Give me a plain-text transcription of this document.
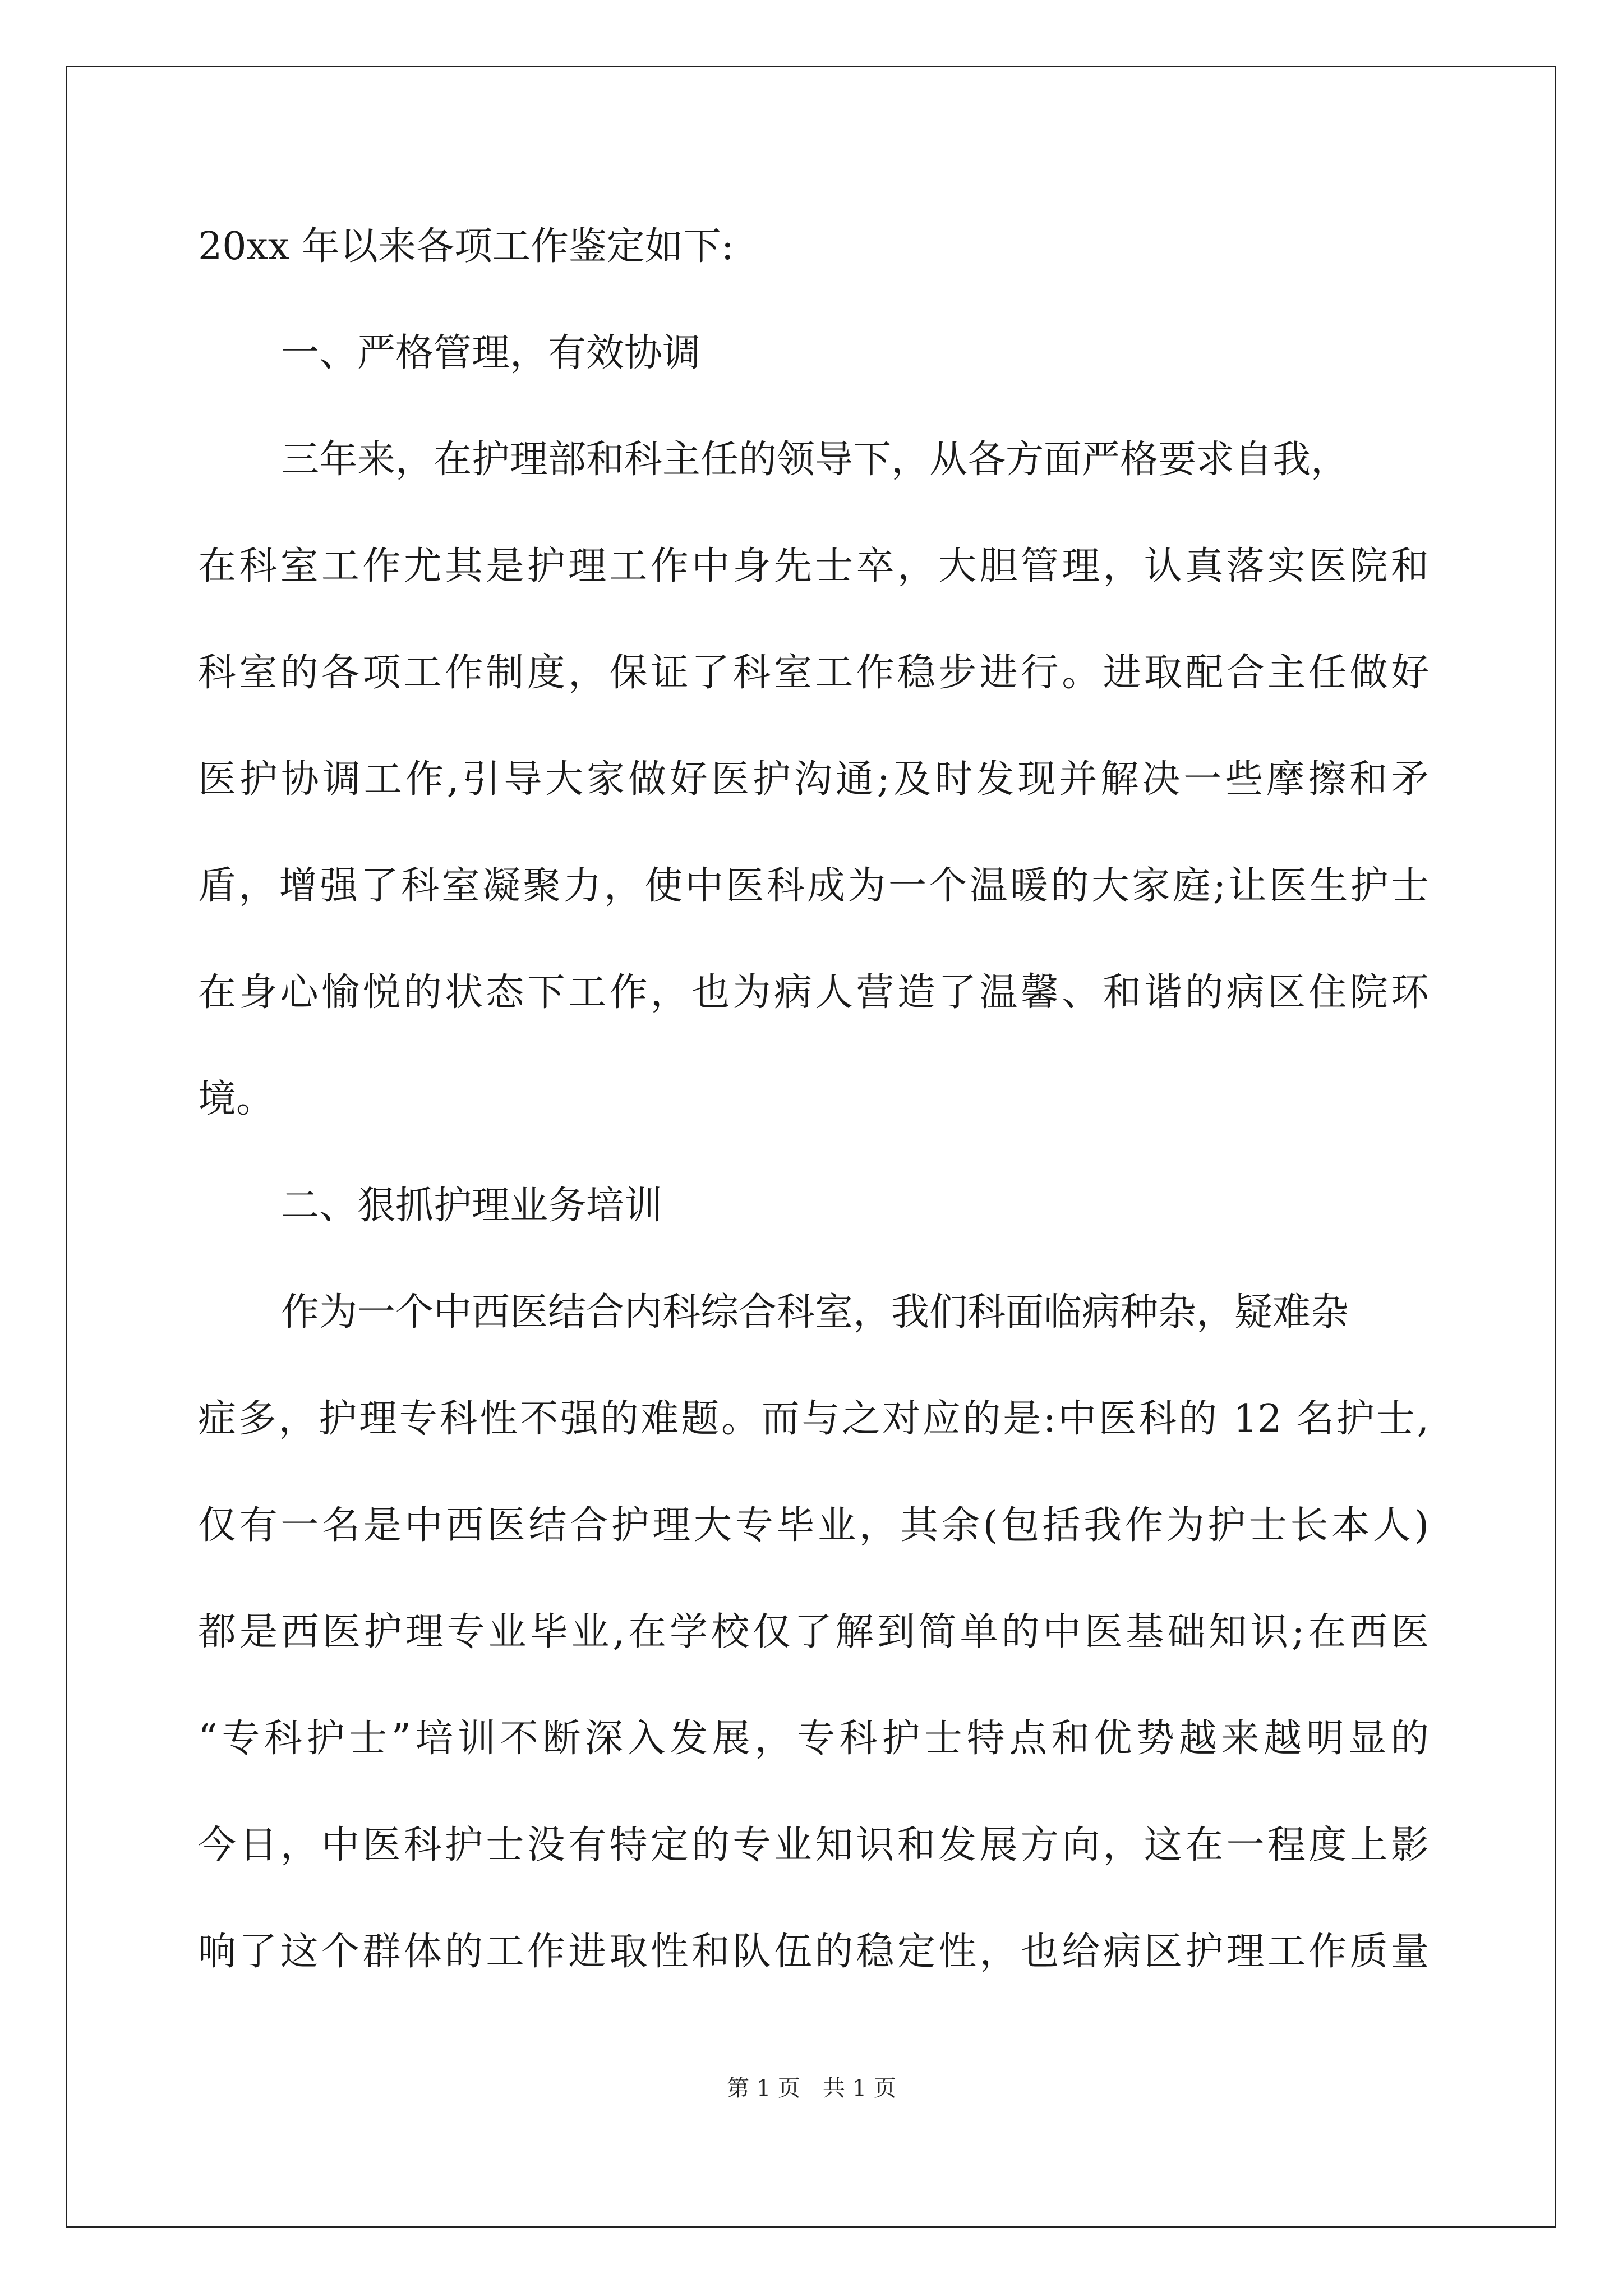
20xx 年以来各项工作鉴定如下:
一、严格管理，有效协调
三年来，在护理部和科主任的领导下，从各方面严格要求自我，
在科室工作尤其是护理工作中身先士卒，大胆管理，认真落实医院和
科室的各项工作制度，保证了科室工作稳步进行。进取配合主任做好
医护协调工作,引导大家做好医护沟通;及时发现并解决一些摩擦和矛
盾，增强了科室凝聚力，使中医科成为一个温暖的大家庭;让医生护士
在身心愉悦的状态下工作，也为病人营造了温馨、和谐的病区住院环
境。
二、狠抓护理业务培训
作为一个中西医结合内科综合科室，我们科面临病种杂，疑难杂
症多，护理专科性不强的难题。而与之对应的是:中医科的 12 名护士,
仅有一名是中西医结合护理大专毕业，其余(包括我作为护士长本人)
都是西医护理专业毕业,在学校仅了解到简单的中医基础知识;在西医
“专科护士”培训不断深入发展，专科护士特点和优势越来越明显的
今日，中医科护士没有特定的专业知识和发展方向，这在一程度上影
响了这个群体的工作进取性和队伍的稳定性，也给病区护理工作质量
第 1 页　共 1 页
